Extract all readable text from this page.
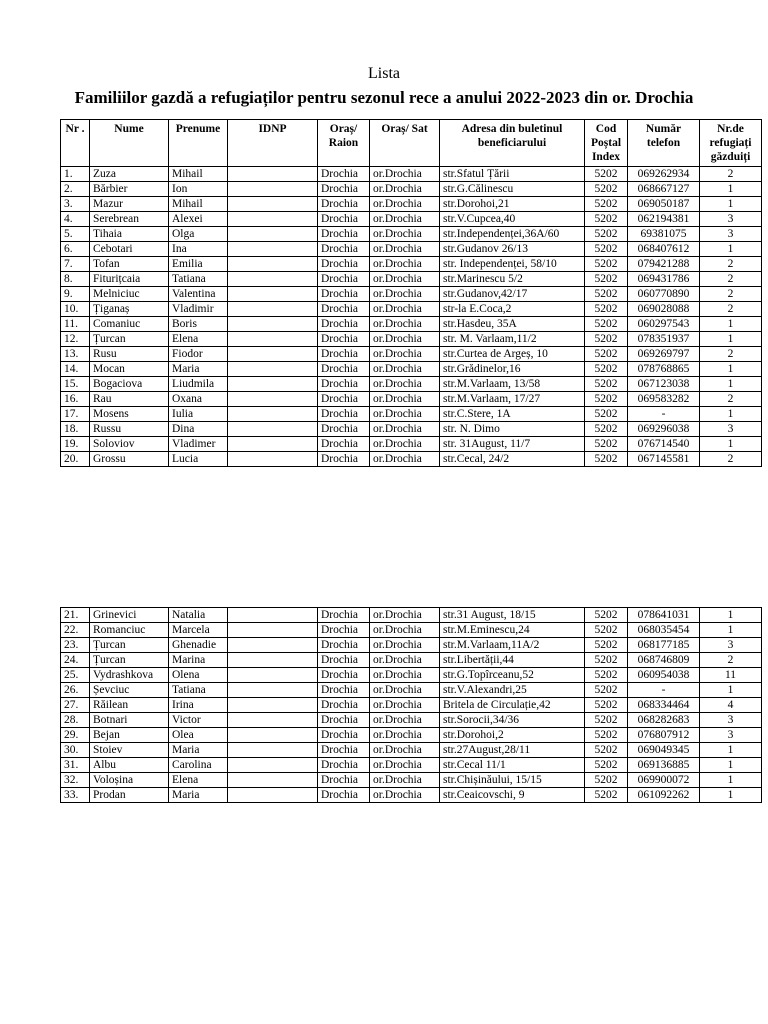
Lista
Familiilor gazdă a refugiaților pentru sezonul rece a anului 2022-2023 din or. Drochia
Nr .	Nume	Prenume	IDNP	Oraș/ Raion	Oraș/ Sat	Adresa din buletinul beneficiarului	Cod Poștal Index	Număr telefon	Nr.de refugiați găzduiți
1.	Zuza	Mihail		Drochia	or.Drochia	str.Sfatul Țării	5202	069262934	2
2.	Bărbier	Ion		Drochia	or.Drochia	str.G.Călinescu	5202	068667127	1
3.	Mazur	Mihail		Drochia	or.Drochia	str.Dorohoi,21	5202	069050187	1
4.	Serebrean	Alexei		Drochia	or.Drochia	str.V.Cupcea,40	5202	062194381	3
5.	Tihaia	Olga		Drochia	or.Drochia	str.Independenței,36A/60	5202	69381075	3
6.	Cebotari	Ina		Drochia	or.Drochia	str.Gudanov 26/13	5202	068407612	1
7.	Tofan	Emilia		Drochia	or.Drochia	str. Independenței, 58/10	5202	079421288	2
8.	Fiturițcaia	Tatiana		Drochia	or.Drochia	str.Marinescu 5/2	5202	069431786	2
9.	Melniciuc	Valentina		Drochia	or.Drochia	str.Gudanov,42/17	5202	060770890	2
10.	Țiganaș	Vladimir		Drochia	or.Drochia	str-la E.Coca,2	5202	069028088	2
11.	Comaniuc	Boris		Drochia	or.Drochia	str.Hasdeu, 35A	5202	060297543	1
12.	Țurcan	Elena		Drochia	or.Drochia	str. M. Varlaam,11/2	5202	078351937	1
13.	Rusu	Fiodor		Drochia	or.Drochia	str.Curtea de Argeș, 10	5202	069269797	2
14.	Mocan	Maria		Drochia	or.Drochia	str.Grădinelor,16	5202	078768865	1
15.	Bogaciova	Liudmila		Drochia	or.Drochia	str.M.Varlaam, 13/58	5202	067123038	1
16.	Rau	Oxana		Drochia	or.Drochia	str.M.Varlaam, 17/27	5202	069583282	2
17.	Mosens	Iulia		Drochia	or.Drochia	str.C.Stere, 1A	5202	-	1
18.	Russu	Dina		Drochia	or.Drochia	str. N. Dimo	5202	069296038	3
19.	Soloviov	Vladimer		Drochia	or.Drochia	str. 31August, 11/7	5202	076714540	1
20.	Grossu	Lucia		Drochia	or.Drochia	str.Cecal, 24/2	5202	067145581	2
21.	Grinevici	Natalia		Drochia	or.Drochia	str.31 August, 18/15	5202	078641031	1
22.	Romanciuc	Marcela		Drochia	or.Drochia	str.M.Eminescu,24	5202	068035454	1
23.	Țurcan	Ghenadie		Drochia	or.Drochia	str.M.Varlaam,11A/2	5202	068177185	3
24.	Țurcan	Marina		Drochia	or.Drochia	str.Libertății,44	5202	068746809	2
25.	Vydrashkova	Olena		Drochia	or.Drochia	str.G.Topîrceanu,52	5202	060954038	11
26.	Șevciuc	Tatiana		Drochia	or.Drochia	str.V.Alexandri,25	5202	-	1
27.	Răilean	Irina		Drochia	or.Drochia	Britela de Circulație,42	5202	068334464	4
28.	Botnari	Victor		Drochia	or.Drochia	str.Sorocii,34/36	5202	068282683	3
29.	Bejan	Olea		Drochia	or.Drochia	str.Dorohoi,2	5202	076807912	3
30.	Stoiev	Maria		Drochia	or.Drochia	str.27August,28/11	5202	069049345	1
31.	Albu	Carolina		Drochia	or.Drochia	str.Cecal 11/1	5202	069136885	1
32.	Voloșina	Elena		Drochia	or.Drochia	str.Chișinăului, 15/15	5202	069900072	1
33.	Prodan	Maria		Drochia	or.Drochia	str.Ceaicovschi, 9	5202	061092262	1
